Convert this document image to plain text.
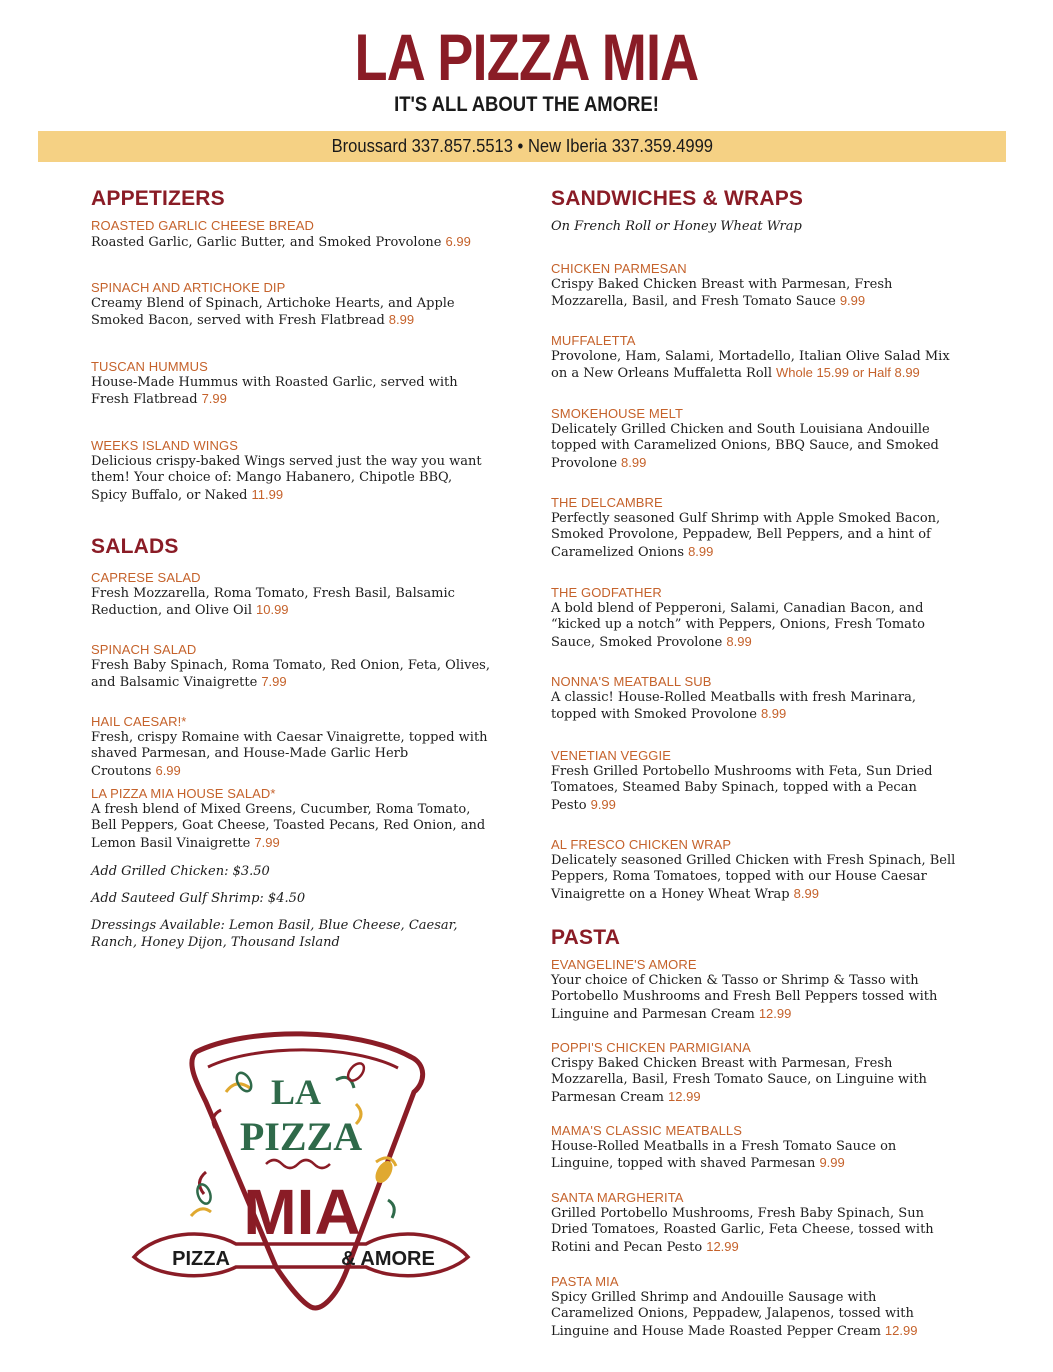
LA PIZZA MIA
IT'S ALL ABOUT THE AMORE!
Broussard 337.857.5513 • New Iberia 337.359.4999
APPETIZERS
ROASTED GARLIC CHEESE BREAD
Roasted Garlic, Garlic Butter, and Smoked Provolone 6.99
SPINACH AND ARTICHOKE DIP
Creamy Blend of Spinach, Artichoke Hearts, and Apple Smoked Bacon, served with Fresh Flatbread 8.99
TUSCAN HUMMUS
House-Made Hummus with Roasted Garlic, served with Fresh Flatbread 7.99
WEEKS ISLAND WINGS
Delicious crispy-baked Wings served just the way you want them! Your choice of: Mango Habanero, Chipotle BBQ, Spicy Buffalo, or Naked 11.99
SALADS
CAPRESE SALAD
Fresh Mozzarella, Roma Tomato, Fresh Basil, Balsamic Reduction, and Olive Oil 10.99
SPINACH SALAD
Fresh Baby Spinach, Roma Tomato, Red Onion, Feta, Olives, and Balsamic Vinaigrette 7.99
HAIL CAESAR!*
Fresh, crispy Romaine with Caesar Vinaigrette, topped with shaved Parmesan, and House-Made Garlic Herb Croutons 6.99
LA PIZZA MIA HOUSE SALAD*
A fresh blend of Mixed Greens, Cucumber, Roma Tomato, Bell Peppers, Goat Cheese, Toasted Pecans, Red Onion, and Lemon Basil Vinaigrette 7.99
Add Grilled Chicken: $3.50
Add Sauteed Gulf Shrimp: $4.50
Dressings Available: Lemon Basil, Blue Cheese, Caesar, Ranch, Honey Dijon, Thousand Island
SANDWICHES & WRAPS
On French Roll or Honey Wheat Wrap
CHICKEN PARMESAN
Crispy Baked Chicken Breast with Parmesan, Fresh Mozzarella, Basil, and Fresh Tomato Sauce 9.99
MUFFALETTA
Provolone, Ham, Salami, Mortadello, Italian Olive Salad Mix on a New Orleans Muffaletta Roll Whole 15.99 or Half 8.99
SMOKEHOUSE MELT
Delicately Grilled Chicken and South Louisiana Andouille topped with Caramelized Onions, BBQ Sauce, and Smoked Provolone 8.99
THE DELCAMBRE
Perfectly seasoned Gulf Shrimp with Apple Smoked Bacon, Smoked Provolone, Peppadew, Bell Peppers, and a hint of Caramelized Onions 8.99
THE GODFATHER
A bold blend of Pepperoni, Salami, Canadian Bacon, and “kicked up a notch” with Peppers, Onions, Fresh Tomato Sauce, Smoked Provolone 8.99
NONNA'S MEATBALL SUB
A classic! House-Rolled Meatballs with fresh Marinara, topped with Smoked Provolone 8.99
VENETIAN VEGGIE
Fresh Grilled Portobello Mushrooms with Feta, Sun Dried Tomatoes, Steamed Baby Spinach, topped with a Pecan Pesto 9.99
AL FRESCO CHICKEN WRAP
Delicately seasoned Grilled Chicken with Fresh Spinach, Bell Peppers, Roma Tomatoes, topped with our House Caesar Vinaigrette on a Honey Wheat Wrap 8.99
PASTA
EVANGELINE'S AMORE
Your choice of Chicken & Tasso or Shrimp & Tasso with Portobello Mushrooms and Fresh Bell Peppers tossed with Linguine and Parmesan Cream 12.99
POPPI'S CHICKEN PARMIGIANA
Crispy Baked Chicken Breast with Parmesan, Fresh Mozzarella, Basil, Fresh Tomato Sauce, on Linguine with Parmesan Cream 12.99
MAMA'S CLASSIC MEATBALLS
House-Rolled Meatballs in a Fresh Tomato Sauce on Linguine, topped with shaved Parmesan 9.99
SANTA MARGHERITA
Grilled Portobello Mushrooms, Fresh Baby Spinach, Sun Dried Tomatoes, Roasted Garlic, Feta Cheese, tossed with Rotini and Pecan Pesto 12.99
PASTA MIA
Spicy Grilled Shrimp and Andouille Sausage with Caramelized Onions, Peppadew, Jalapenos, tossed with Linguine and House Made Roasted Pepper Cream 12.99
LA
PIZZA
MIA
PIZZA	& AMORE
